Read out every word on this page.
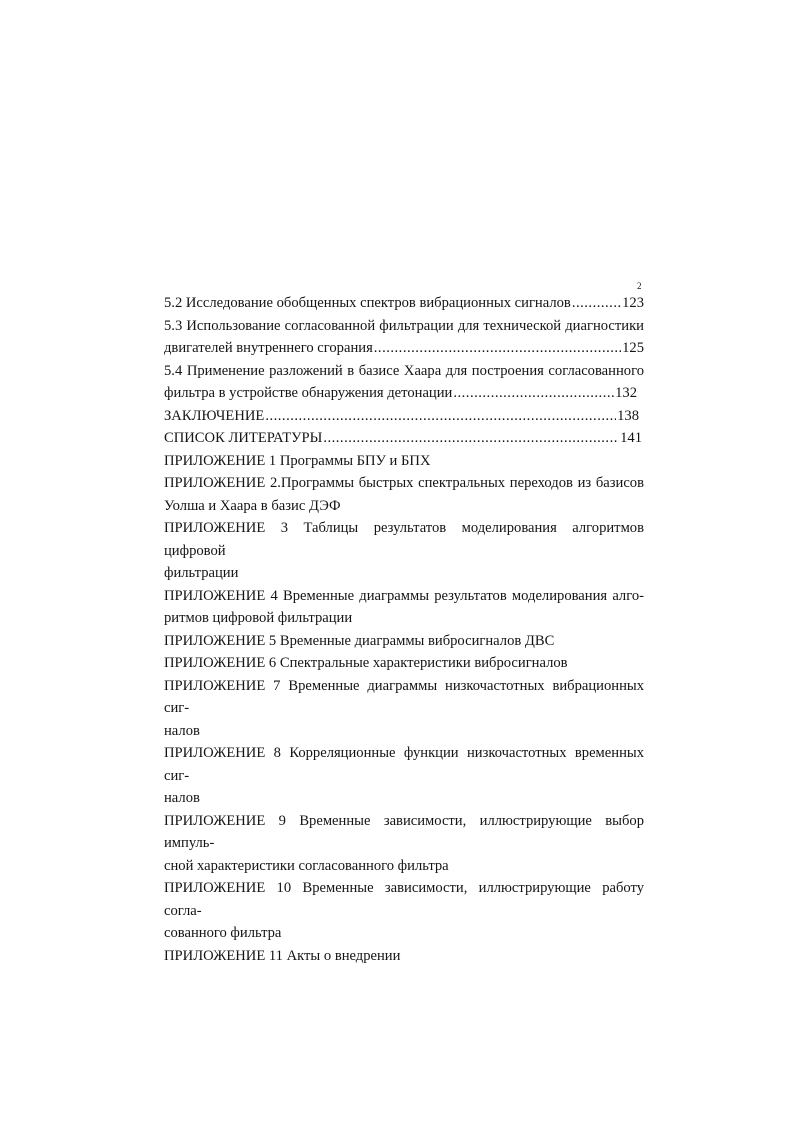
2
5.2 Исследование обобщенных спектров вибрационных сигналов .....	123
5.3 Использование согласованной фильтрации для технической диагностики
двигателей внутреннего сгорания .....	125
5.4 Применение разложений в базисе Хаара для построения согласованного
фильтра в устройстве обнаружения детонации .....	132
ЗАКЛЮЧЕНИЕ .....	138
СПИСОК ЛИТЕРАТУРЫ .....	141
ПРИЛОЖЕНИЕ 1 Программы БПУ и БПХ
ПРИЛОЖЕНИЕ 2.Программы быстрых спектральных переходов из базисов
Уолша и Хаара в базис ДЭФ
ПРИЛОЖЕНИЕ 3 Таблицы результатов моделирования алгоритмов цифровой
фильтрации
ПРИЛОЖЕНИЕ 4 Временные диаграммы результатов моделирования алго-
ритмов цифровой фильтрации
ПРИЛОЖЕНИЕ 5 Временные диаграммы вибросигналов ДВС
ПРИЛОЖЕНИЕ 6 Спектральные характеристики вибросигналов
ПРИЛОЖЕНИЕ 7 Временные диаграммы низкочастотных вибрационных сиг-
налов
ПРИЛОЖЕНИЕ 8 Корреляционные функции низкочастотных временных сиг-
налов
ПРИЛОЖЕНИЕ 9 Временные зависимости, иллюстрирующие выбор импуль-
сной характеристики согласованного фильтра
ПРИЛОЖЕНИЕ 10 Временные зависимости, иллюстрирующие работу согла-
сованного фильтра
ПРИЛОЖЕНИЕ 11 Акты о внедрении
